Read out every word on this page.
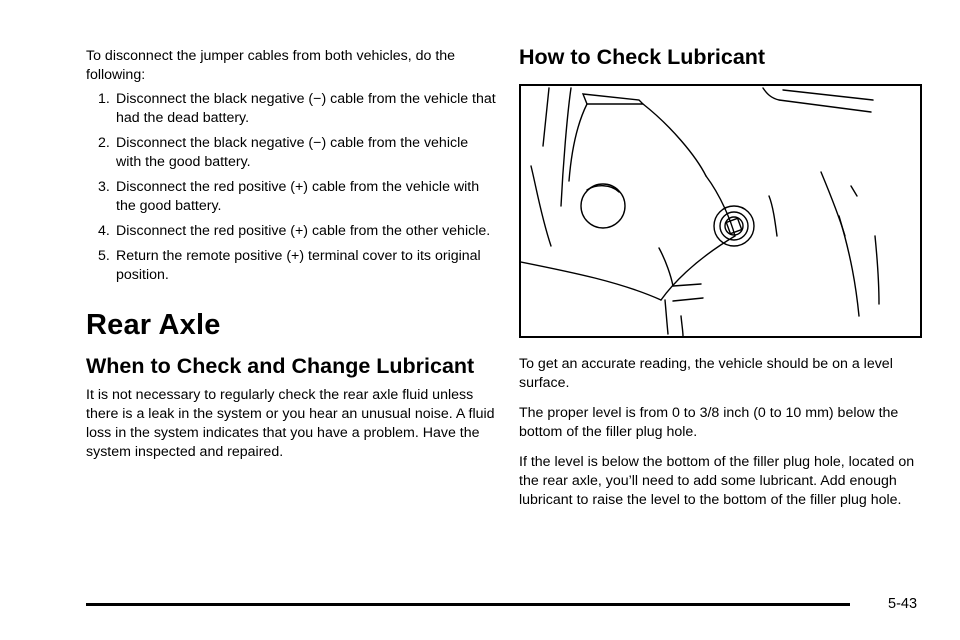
To disconnect the jumper cables from both vehicles, do the following:

1. Disconnect the black negative (−) cable from the vehicle that had the dead battery.
2. Disconnect the black negative (−) cable from the vehicle with the good battery.
3. Disconnect the red positive (+) cable from the vehicle with the good battery.
4. Disconnect the red positive (+) cable from the other vehicle.
5. Return the remote positive (+) terminal cover to its original position.
Rear Axle
When to Check and Change Lubricant

It is not necessary to regularly check the rear axle fluid unless there is a leak in the system or you hear an unusual noise. A fluid loss in the system indicates that you have a problem. Have the system inspected and repaired.

How to Check Lubricant

To get an accurate reading, the vehicle should be on a level surface.

The proper level is from 0 to 3/8 inch (0 to 10 mm) below the bottom of the filler plug hole.

If the level is below the bottom of the filler plug hole, located on the rear axle, you’ll need to add some lubricant. Add enough lubricant to raise the level to the bottom of the filler plug hole.

5-43
